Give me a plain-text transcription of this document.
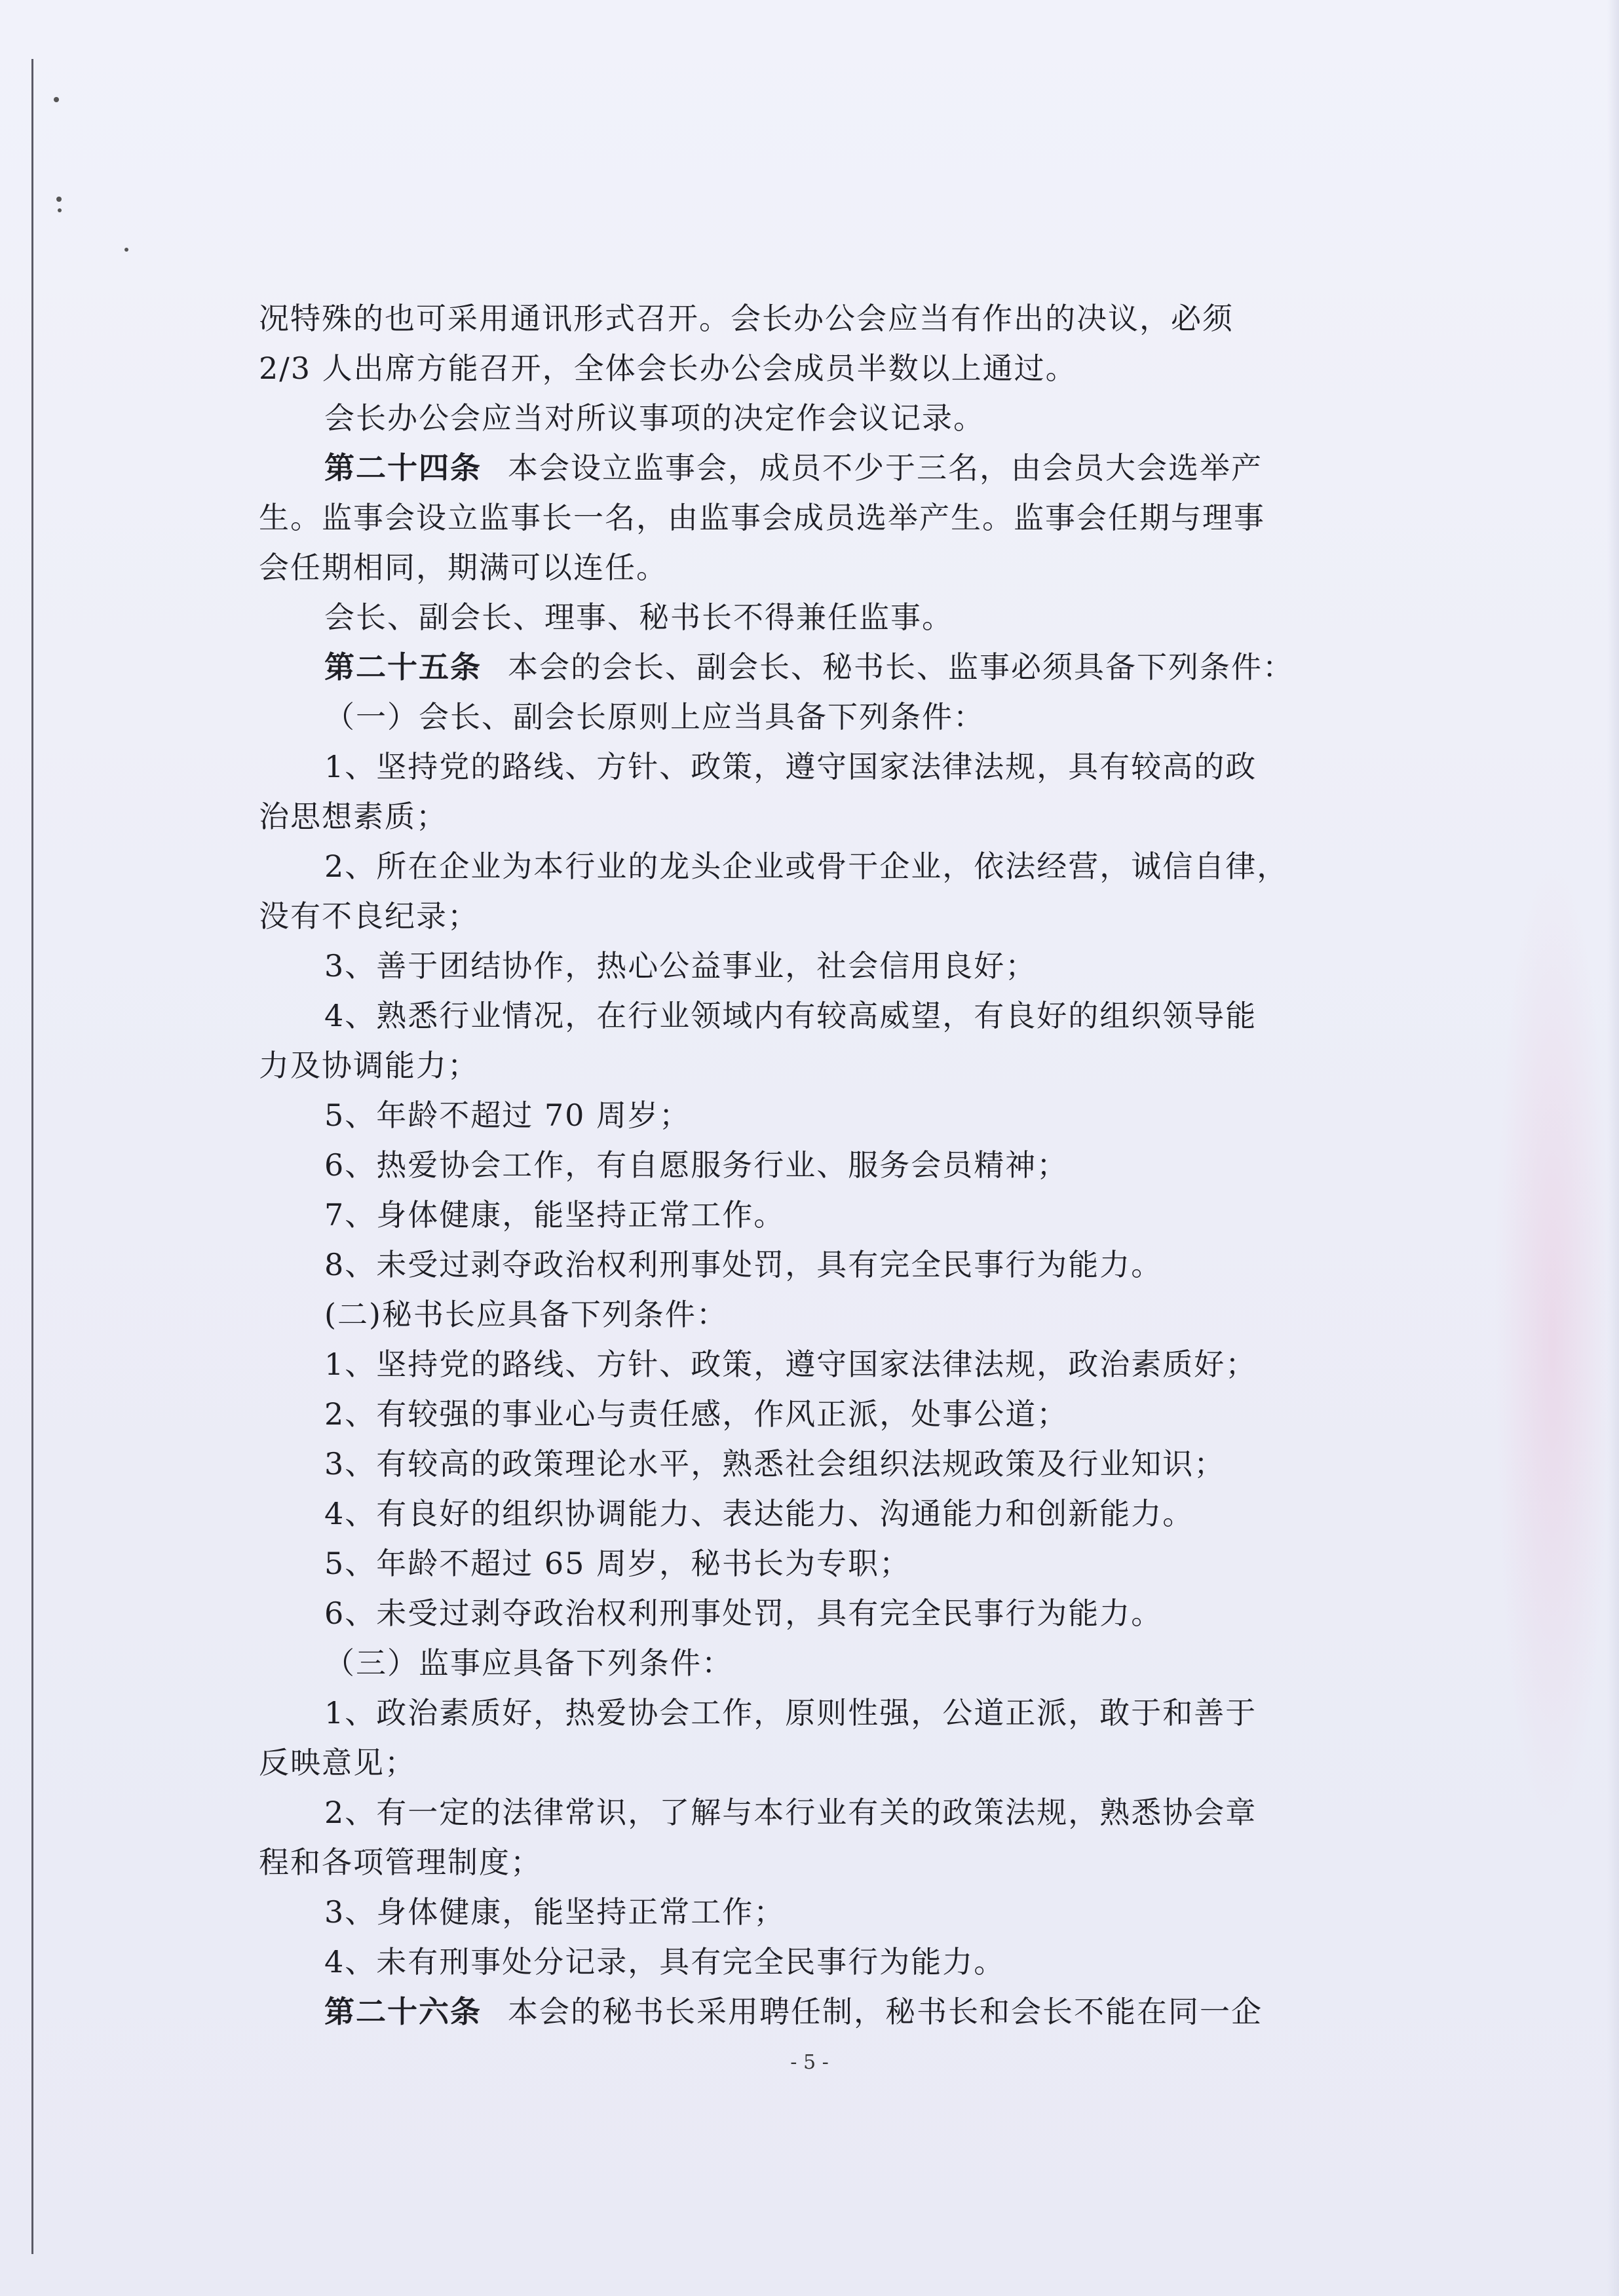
况特殊的也可采用通讯形式召开。会长办公会应当有作出的决议，必须
2/3 人出席方能召开，全体会长办公会成员半数以上通过。
会长办公会应当对所议事项的决定作会议记录。
第二十四条 本会设立监事会，成员不少于三名，由会员大会选举产
生。监事会设立监事长一名，由监事会成员选举产生。监事会任期与理事
会任期相同，期满可以连任。
会长、副会长、理事、秘书长不得兼任监事。
第二十五条 本会的会长、副会长、秘书长、监事必须具备下列条件：
（一）会长、副会长原则上应当具备下列条件：
1、坚持党的路线、方针、政策，遵守国家法律法规，具有较高的政
治思想素质；
2、所在企业为本行业的龙头企业或骨干企业，依法经营，诚信自律，
没有不良纪录；
3、善于团结协作，热心公益事业，社会信用良好；
4、熟悉行业情况，在行业领域内有较高威望，有良好的组织领导能
力及协调能力；
5、年龄不超过 70 周岁；
6、热爱协会工作，有自愿服务行业、服务会员精神；
7、身体健康，能坚持正常工作。
8、未受过剥夺政治权利刑事处罚，具有完全民事行为能力。
(二)秘书长应具备下列条件：
1、坚持党的路线、方针、政策，遵守国家法律法规，政治素质好；
2、有较强的事业心与责任感，作风正派，处事公道；
3、有较高的政策理论水平，熟悉社会组织法规政策及行业知识；
4、有良好的组织协调能力、表达能力、沟通能力和创新能力。
5、年龄不超过 65 周岁，秘书长为专职；
6、未受过剥夺政治权利刑事处罚，具有完全民事行为能力。
（三）监事应具备下列条件：
1、政治素质好，热爱协会工作，原则性强，公道正派，敢于和善于
反映意见；
2、有一定的法律常识，了解与本行业有关的政策法规，熟悉协会章
程和各项管理制度；
3、身体健康，能坚持正常工作；
4、未有刑事处分记录，具有完全民事行为能力。
第二十六条 本会的秘书长采用聘任制，秘书长和会长不能在同一企
- 5 -
